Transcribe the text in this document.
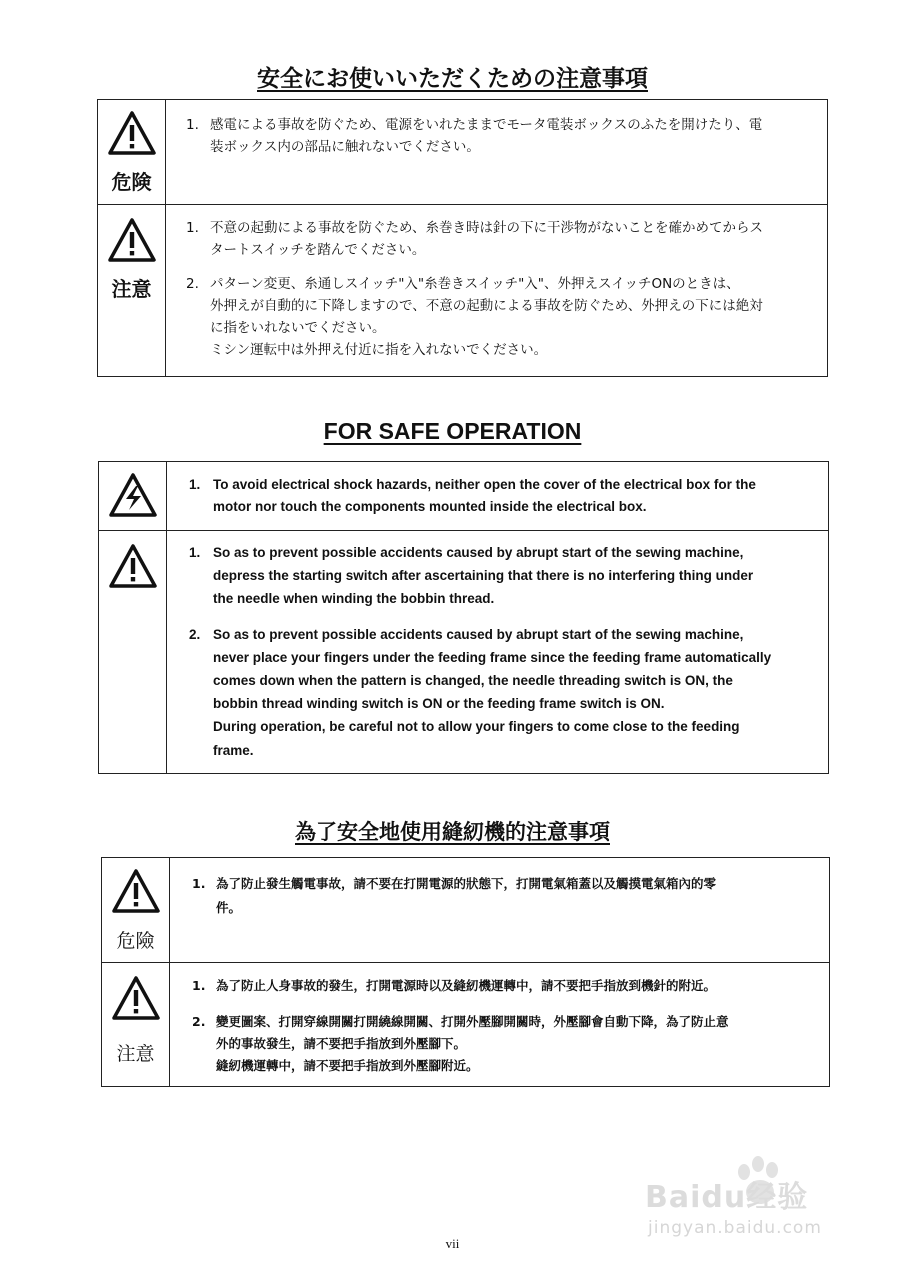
安全にお使いいただくための注意事項
危険
1. 感電による事故を防ぐため、電源をいれたままでモータ電装ボックスのふたを開けたり、電
装ボックス内の部品に触れないでください。
注意
1. 不意の起動による事故を防ぐため、糸巻き時は針の下に干渉物がないことを確かめてからス
タートスイッチを踏んでください。
2. パターン変更、糸通しスイッチ"入"糸巻きスイッチ"入"、外押えスイッチONのときは、
外押えが自動的に下降しますので、不意の起動による事故を防ぐため、外押えの下には絶対
に指をいれないでください。
ミシン運転中は外押え付近に指を入れないでください。
FOR SAFE OPERATION
1. To avoid electrical shock hazards, neither open the cover of the electrical box for the
motor nor touch the components mounted inside the electrical box.
1. So as to prevent possible accidents caused by abrupt start of the sewing machine,
depress the starting switch after ascertaining that there is no interfering thing under
the needle when winding the bobbin thread.
2. So as to prevent possible accidents caused by abrupt start of the sewing machine,
never place your fingers under the feeding frame since the feeding frame automatically
comes down when the pattern is changed, the needle threading switch is ON, the
bobbin thread winding switch is ON or the feeding frame switch is ON.
During operation, be careful not to allow your fingers to come close to the feeding
frame.
為了安全地使用縫紉機的注意事項
危險
1. 為了防止發生觸電事故，請不要在打開電源的狀態下，打開電氣箱蓋以及觸摸電氣箱內的零
件。
注意
1. 為了防止人身事故的發生，打開電源時以及縫紉機運轉中，請不要把手指放到機針的附近。
2. 變更圖案、打開穿線開關打開繞線開關、打開外壓腳開關時，外壓腳會自動下降，為了防止意
外的事故發生，請不要把手指放到外壓腳下。
縫紉機運轉中，請不要把手指放到外壓腳附近。
vii
Baidu经验
jingyan.baidu.com
